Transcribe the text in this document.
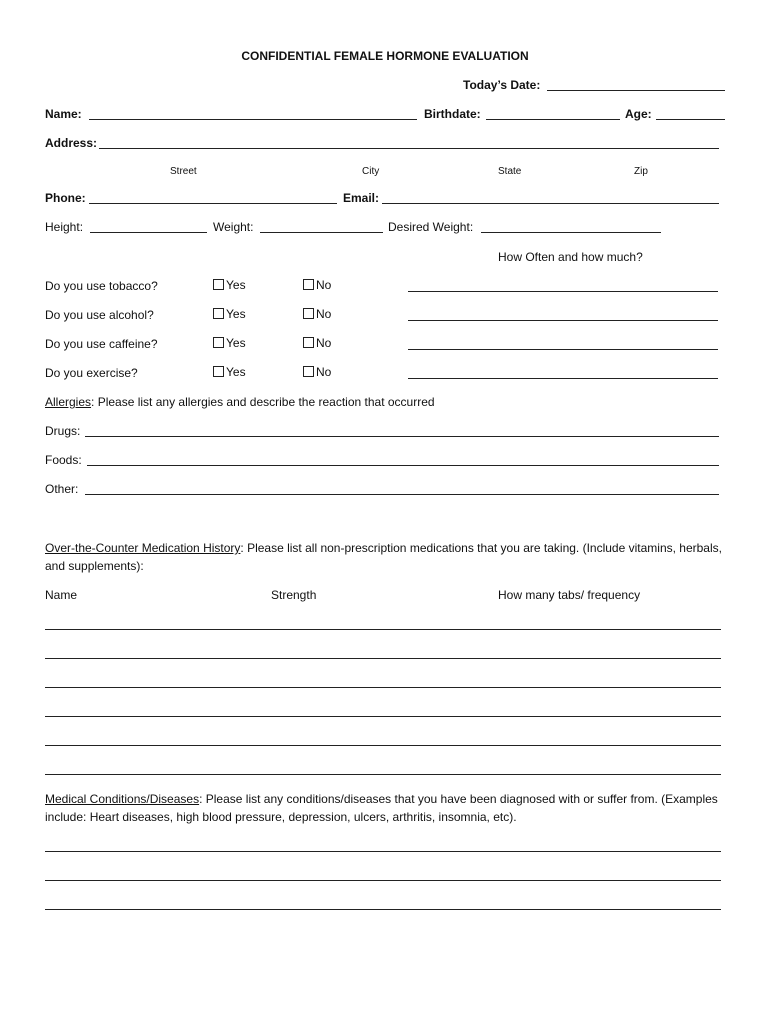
CONFIDENTIAL FEMALE HORMONE EVALUATION
Today’s Date:
Name:	Birthdate:	Age:
Address:
Street	City	State	Zip
Phone:	Email:
Height:	Weight:	Desired Weight:
How Often and how much?
Do you use tobacco?	Yes	No
Do you use alcohol?	Yes	No
Do you use caffeine?	Yes	No
Do you exercise?	Yes	No
Allergies: Please list any allergies and describe the reaction that occurred
Drugs:
Foods:
Other:
Over-the-Counter Medication History: Please list all non-prescription medications that you are taking. (Include vitamins, herbals, and supplements):
Name	Strength	How many tabs/ frequency
Medical Conditions/Diseases: Please list any conditions/diseases that you have been diagnosed with or suffer from. (Examples include: Heart diseases, high blood pressure, depression, ulcers, arthritis, insomnia, etc).
